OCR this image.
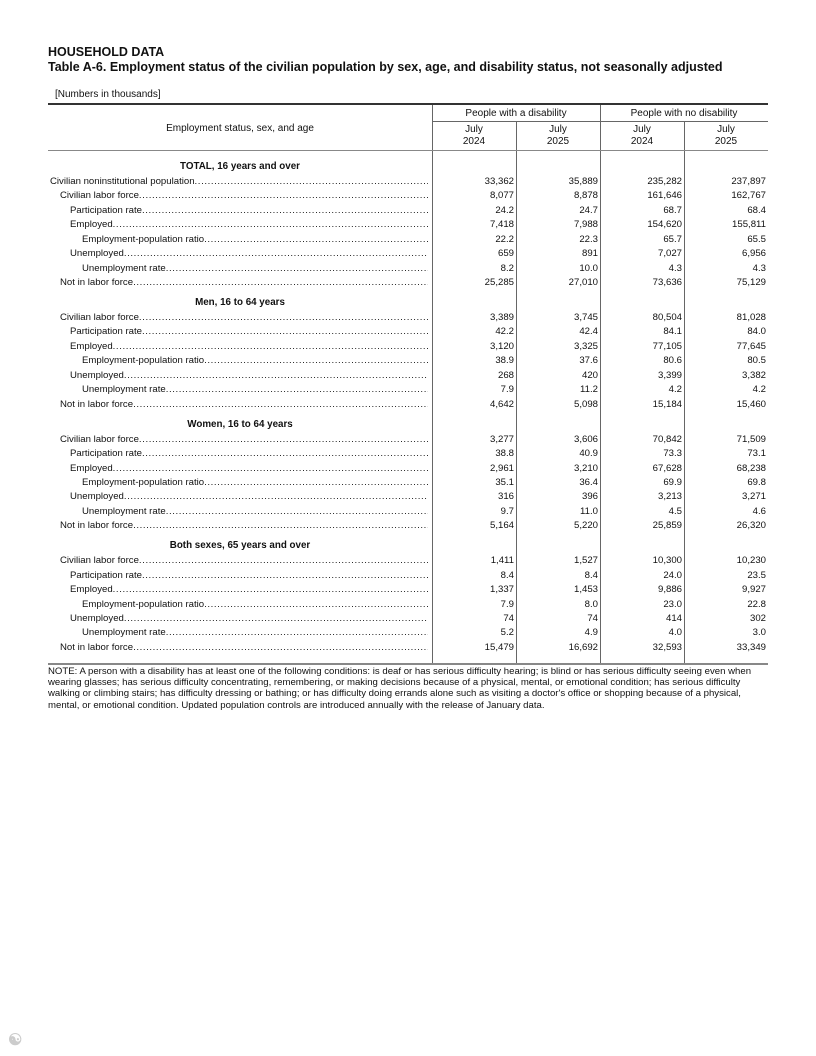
HOUSEHOLD DATA
Table A-6. Employment status of the civilian population by sex, age, and disability status, not seasonally adjusted
[Numbers in thousands]
Employment status, sex, and age
People with a disability	People with no disability
July
2024
July
2025
July
2024
July
2025
TOTAL, 16 years and over
Civilian noninstitutional population .....	33,362	35,889	235,282	237,897
Civilian labor force .....	8,077	8,878	161,646	162,767
Participation rate .....	24.2	24.7	68.7	68.4
Employed .....	7,418	7,988	154,620	155,811
Employment-population ratio .....	22.2	22.3	65.7	65.5
Unemployed .....	659	891	7,027	6,956
Unemployment rate .....	8.2	10.0	4.3	4.3
Not in labor force .....	25,285	27,010	73,636	75,129
Men, 16 to 64 years
Civilian labor force .....	3,389	3,745	80,504	81,028
Participation rate .....	42.2	42.4	84.1	84.0
Employed .....	3,120	3,325	77,105	77,645
Employment-population ratio .....	38.9	37.6	80.6	80.5
Unemployed .....	268	420	3,399	3,382
Unemployment rate .....	7.9	11.2	4.2	4.2
Not in labor force .....	4,642	5,098	15,184	15,460
Women, 16 to 64 years
Civilian labor force .....	3,277	3,606	70,842	71,509
Participation rate .....	38.8	40.9	73.3	73.1
Employed .....	2,961	3,210	67,628	68,238
Employment-population ratio .....	35.1	36.4	69.9	69.8
Unemployed .....	316	396	3,213	3,271
Unemployment rate .....	9.7	11.0	4.5	4.6
Not in labor force .....	5,164	5,220	25,859	26,320
Both sexes, 65 years and over
Civilian labor force .....	1,411	1,527	10,300	10,230
Participation rate .....	8.4	8.4	24.0	23.5
Employed .....	1,337	1,453	9,886	9,927
Employment-population ratio .....	7.9	8.0	23.0	22.8
Unemployed .....	74	74	414	302
Unemployment rate .....	5.2	4.9	4.0	3.0
Not in labor force .....	15,479	16,692	32,593	33,349
NOTE: A person with a disability has at least one of the following conditions: is deaf or has serious difficulty hearing; is blind or has serious difficulty seeing even when wearing glasses; has serious difficulty concentrating, remembering, or making decisions because of a physical, mental, or emotional condition; has serious difficulty walking or climbing stairs; has difficulty dressing or bathing; or has difficulty doing errands alone such as visiting a doctor's office or shopping because of a physical, mental, or emotional condition. Updated population controls are introduced annually with the release of January data.
☯
